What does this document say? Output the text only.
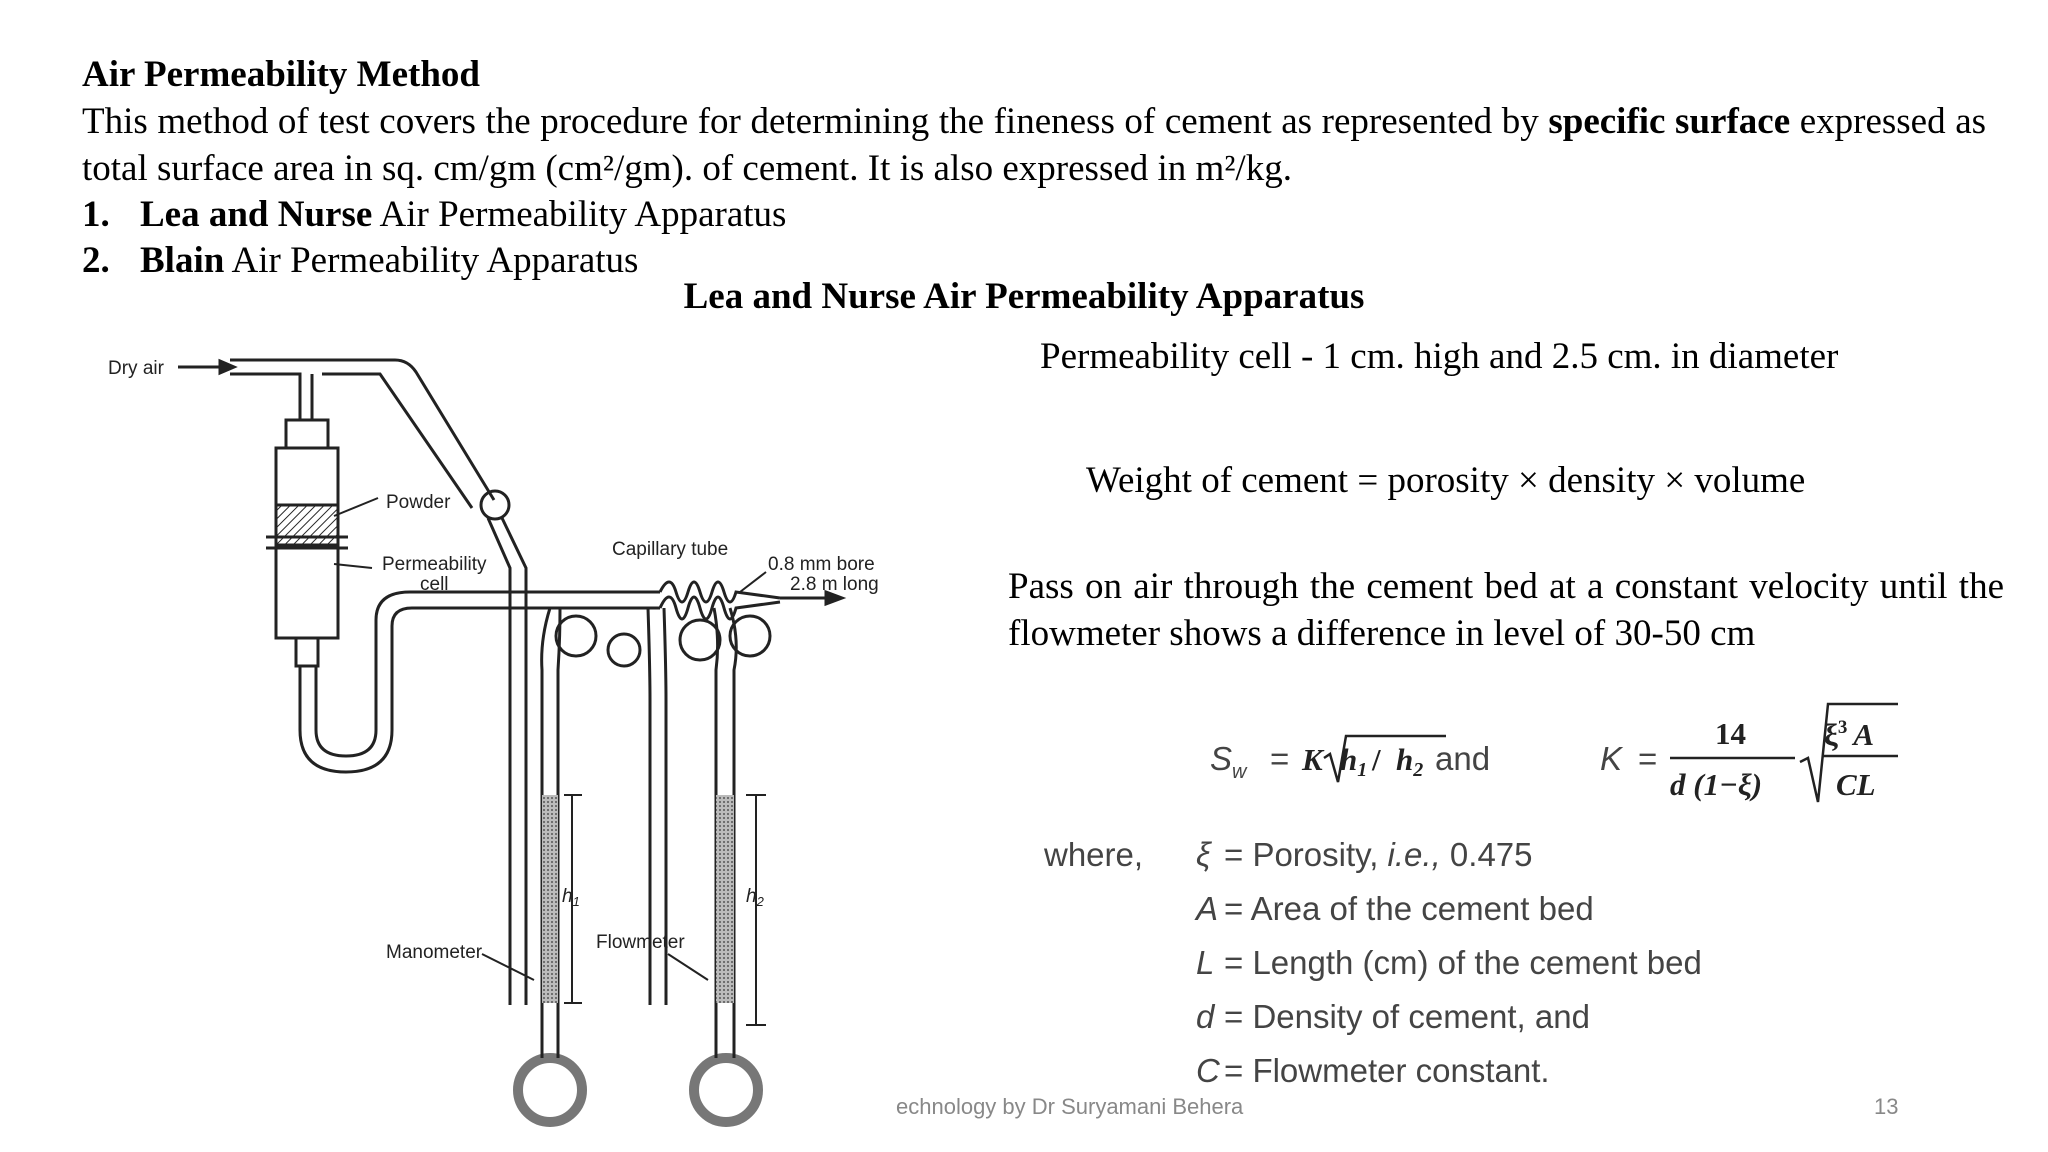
Air Permeability Method
This method of test covers the procedure for determining the fineness of cement as represented by specific surface expressed as total surface area in sq. cm/gm (cm²/gm). of cement. It is also expressed in m²/kg.
1. Lea and Nurse Air Permeability Apparatus
2. Blain Air Permeability Apparatus
Lea and Nurse Air Permeability Apparatus
Permeability cell - 1 cm. high and 2.5 cm. in diameter
Weight of cement = porosity × density × volume
Pass on air through the cement bed at a constant velocity until the flowmeter shows a difference in level of 30-50 cm
Dry air
Powder
Permeability
cell
Capillary tube
0.8 mm bore
2.8 m long
Manometer	Flowmeter
$h_1$	$h_2$
$S_w$ =	and	K =
K h1 / h2
14
d (1−ξ)
$\xi^3$ A
CL
where, ξ = Porosity, i.e., 0.475
A = Area of the cement bed
L = Length (cm) of the cement bed
d = Density of cement, and
C = Flowmeter constant.
echnology by Dr Suryamani Behera	13
